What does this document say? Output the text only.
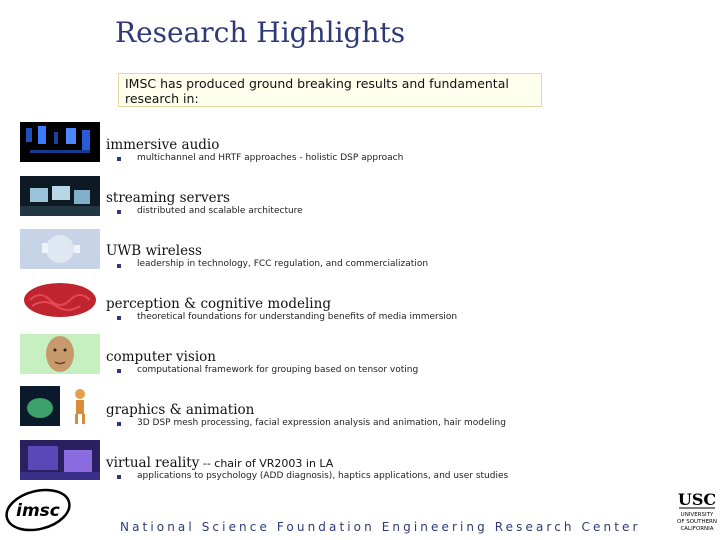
Research Highlights
IMSC has produced ground breaking results and fundamental research in:
immersive audio
multichannel and HRTF approaches - holistic DSP approach
streaming servers
distributed and scalable architecture
UWB wireless
leadership in technology, FCC regulation, and commercialization
perception & cognitive modeling
theoretical foundations for understanding benefits of media immersion
computer vision
computational framework for grouping based on tensor voting
graphics & animation
3D DSP mesh processing, facial expression analysis and animation, hair modeling
virtual reality -- chair of VR2003 in LA
applications to psychology (ADD diagnosis), haptics applications, and user studies
imsc
National Science Foundation Engineering Research Center
USC
UNIVERSITY
OF SOUTHERN
CALIFORNIA
